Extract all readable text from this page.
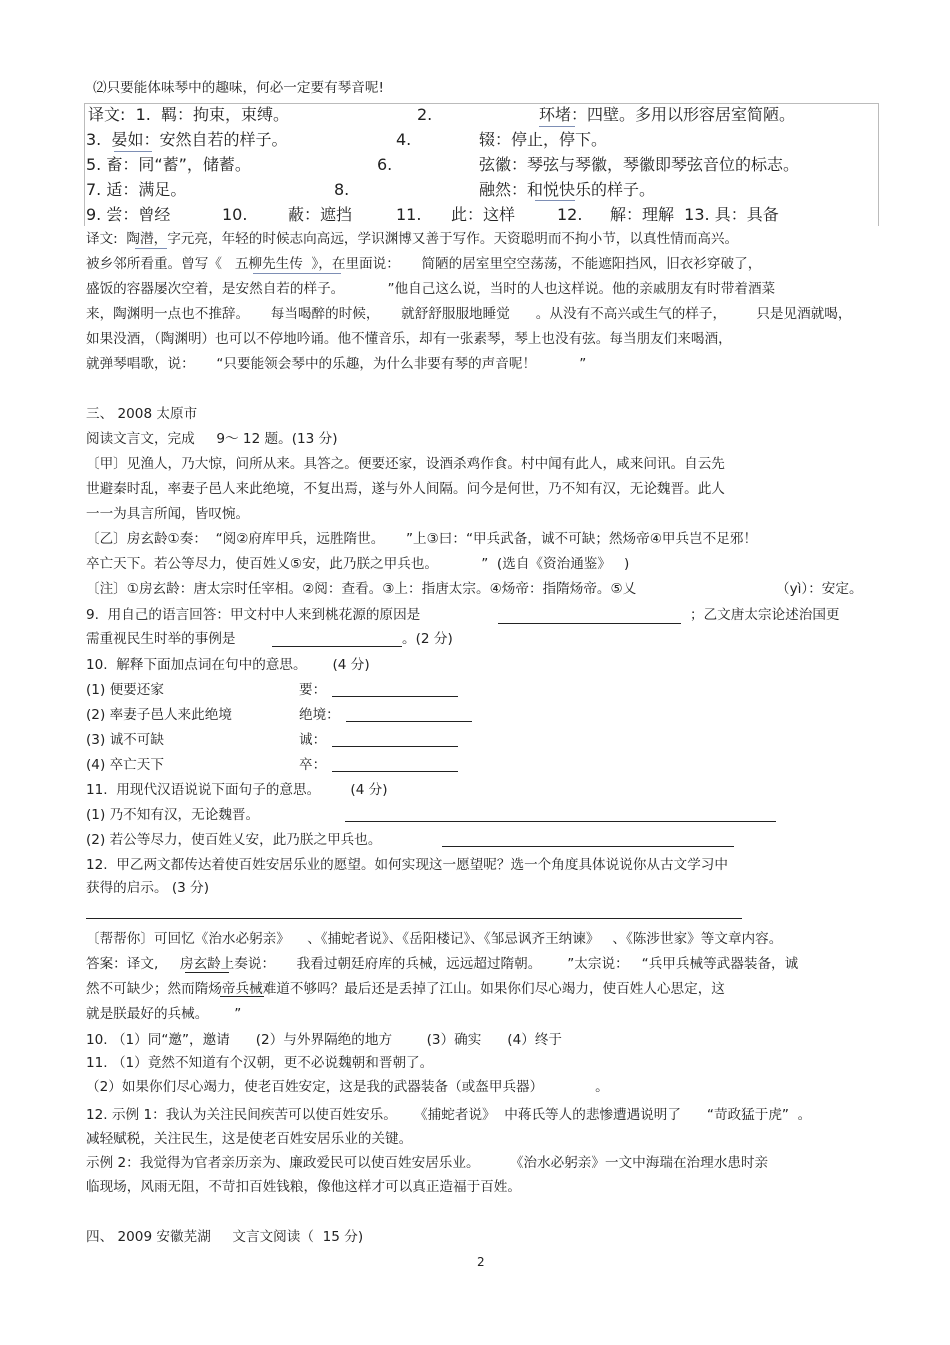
⑵只要能体味琴中的趣味，何必一定要有琴音呢!
译文:  1.  羁：拘束，束缚。	2.	环堵：四壁。多用以形容居室简陋。
3.  晏如：安然自若的样子。	4.	辍：停止，停下。
5. 畜：同“蓄”，储蓄。	6.	弦徽：琴弦与琴徽，琴徽即琴弦音位的标志。
7. 适：满足。	8.	融然：和悦快乐的样子。
9. 尝：曾经	10.	蔽：遮挡	11. 此：这样	12. 解：理解  13. 具：具备
译文:  陶潜，字元亮，年轻的时候志向高远，学识渊博又善于写作。天资聪明而不拘小节，以真性情而高兴。
被乡邻所看重。曾写《   五柳先生传  》，在里面说：     简陋的居室里空空荡荡，不能遮阳挡风，旧衣衫穿破了，
盛饭的容器屡次空着，是安然自若的样子。          ”他自己这么说，当时的人也这样说。他的亲戚朋友有时带着酒菜
来，陶渊明一点也不推辞。     每当喝醉的时候，     就舒舒服服地睡觉      。从没有不高兴或生气的样子，       只是见酒就喝，
如果没酒，（陶渊明）也可以不停地吟诵。他不懂音乐，却有一张素琴，琴上也没有弦。每当朋友们来喝酒，
就弹琴唱歌，说：     “只要能领会琴中的乐趣，为什么非要有琴的声音呢！          ”
三、 2008 太原市
阅读文言文，完成     9～ 12 题。(13 分)
〔甲〕见渔人，乃大惊，问所从来。具答之。便要还家，设酒杀鸡作食。村中闻有此人，咸来问讯。自云先
世避秦时乱，率妻子邑人来此绝境，不复出焉，遂与外人间隔。问今是何世，乃不知有汉，无论魏晋。此人
一一为具言所闻，皆叹惋。
〔乙〕房玄龄①奏：  “阅②府库甲兵，远胜隋世。     ”上③曰：“甲兵武备，诚不可缺；然炀帝④甲兵岂不足邪！
卒亡天下。若公等尽力，使百姓乂⑤安，此乃朕之甲兵也。          ”  (选自《资治通鉴》   )
〔注〕①房玄龄：唐太宗时任宰相。②阅：查看。③上：指唐太宗。④炀帝：指隋炀帝。⑤乂	（yì）：安定。
9.  用自己的语言回答：甲文村中人来到桃花源的原因是	；乙文唐太宗论述治国更
需重视民生时举的事例是	。(2 分)
10.  解释下面加点词在句中的意思。      (4 分)
(1) 便要还家	要：
(2) 率妻子邑人来此绝境	绝境：
(3) 诚不可缺	诚：
(4) 卒亡天下	卒：
11.  用现代汉语说说下面句子的意思。       (4 分)
(1) 乃不知有汉，无论魏晋。
(2) 若公等尽力，使百姓乂安，此乃朕之甲兵也。
12.  甲乙两文都传达着使百姓安居乐业的愿望。如何实现这一愿望呢？选一个角度具体说说你从古文学习中
获得的启示。 (3 分)
〔帮帮你〕可回忆《治水必躬亲》    、《捕蛇者说》、《岳阳楼记》、《邹忌讽齐王纳谏》   、《陈涉世家》等文章内容。
答案：译文,     房玄龄上奏说：     我看过朝廷府库的兵械，远远超过隋朝。      ”太宗说：   “兵甲兵械等武器装备，诚
然不可缺少；然而隋炀帝兵械难道不够吗？最后还是丢掉了江山。如果你们尽心竭力，使百姓人心思定，这
就是朕最好的兵械。      ”
10. （1）同“邀”，邀请      (2）与外界隔绝的地方        (3）确实      (4）终于
11. （1）竟然不知道有个汉朝，更不必说魏朝和晋朝了。
（2）如果你们尽心竭力，使老百姓安定，这是我的武器装备（或盔甲兵器）            。
12. 示例 1：我认为关注民间疾苦可以使百姓安乐。    《捕蛇者说》  中蒋氏等人的悲惨遭遇说明了      “苛政猛于虎”  。
减轻赋税，关注民生，这是使老百姓安居乐业的关键。
示例 2：我觉得为官者亲历亲为、廉政爱民可以使百姓安居乐业。       《治水必躬亲》一文中海瑞在治理水患时亲
临现场，风雨无阻，不苛扣百姓钱粮，像他这样才可以真正造福于百姓。
四、 2009 安徽芜湖     文言文阅读（  15 分)
2
